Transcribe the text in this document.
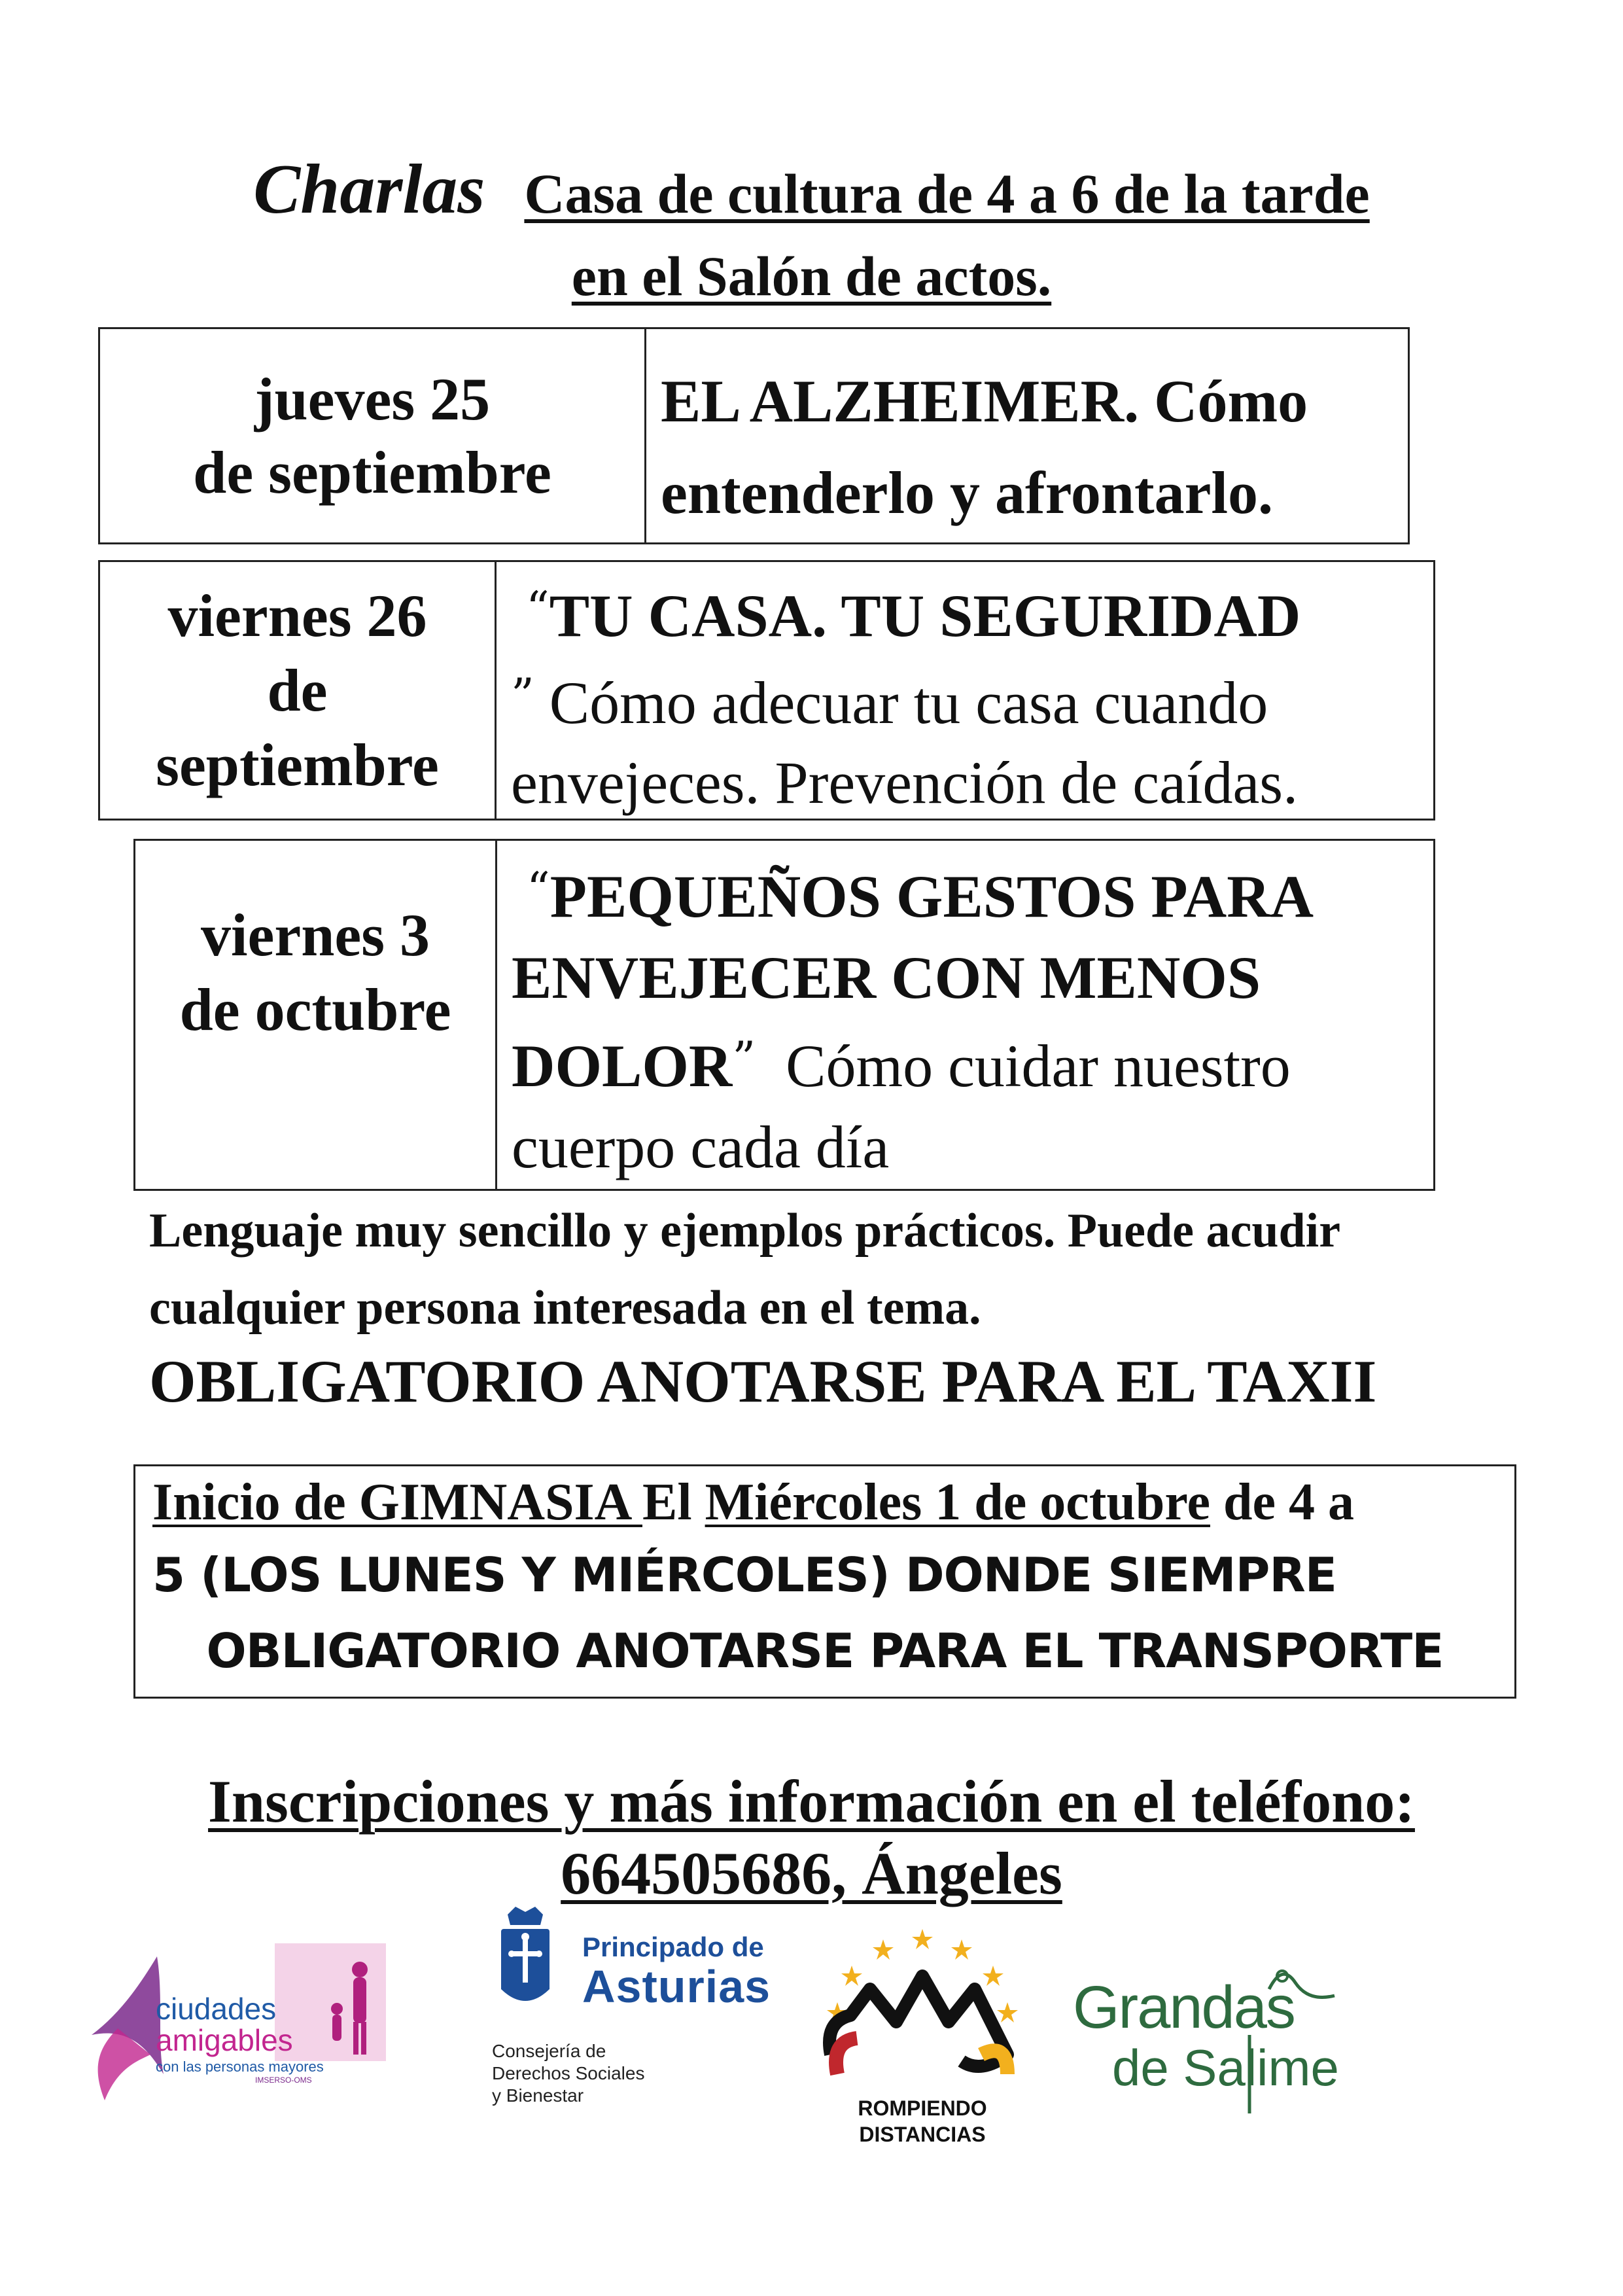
Charlas Casa de cultura de 4 a 6 de la tarde
en el Salón de actos.
jueves 25
de septiembre
EL ALZHEIMER. Cómo
entenderlo y afrontarlo.
viernes 26
de
septiembre
“TU CASA. TU SEGURIDAD
” Cómo adecuar tu casa cuando
envejeces. Prevención de caídas.
viernes 3
de octubre
“PEQUEÑOS GESTOS PARA
ENVEJECER CON MENOS
DOLOR”  Cómo cuidar nuestro
cuerpo cada día
Lenguaje muy sencillo y ejemplos prácticos. Puede acudir
cualquier persona interesada en el tema.
OBLIGATORIO ANOTARSE PARA EL TAXII
Inicio de GIMNASIA El Miércoles 1 de octubre de 4 a
5 (LOS LUNES Y MIÉRCOLES) DONDE SIEMPRE
OBLIGATORIO ANOTARSE PARA EL TRANSPORTE
Inscripciones y más información en el teléfono:
664505686, Ángeles
ciudades
amigables
con las personas mayores
IMSERSO-OMS
Principado de
Asturias
Consejería de
Derechos Sociales
y Bienestar
ROMPIENDO
DISTANCIAS
Grandas
de Salime
